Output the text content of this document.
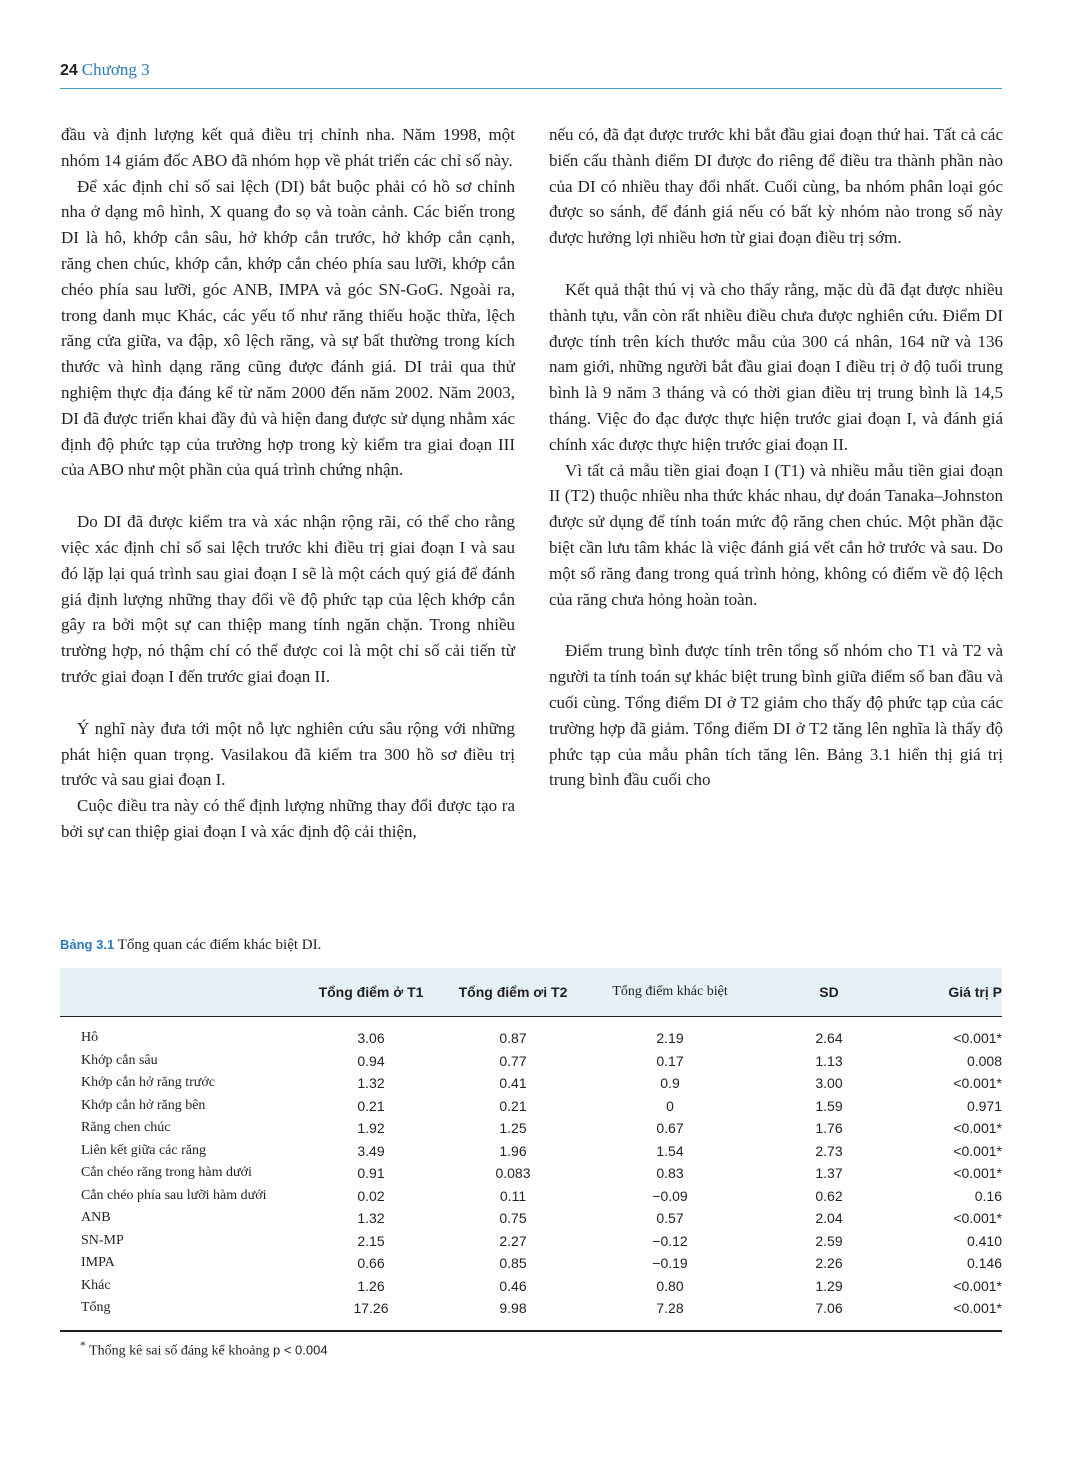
24 Chương 3

đầu và định lượng kết quả điều trị chỉnh nha. Năm 1998, một nhóm 14 giám đốc ABO đã nhóm họp về phát triển các chỉ số này.

Để xác định chỉ số sai lệch (DI) bắt buộc phải có hồ sơ chỉnh nha ở dạng mô hình, X quang đo sọ và toàn cảnh. Các biến trong DI là hô, khớp cắn sâu, hở khớp cắn trước, hở khớp cắn cạnh, răng chen chúc, khớp cắn, khớp cắn chéo phía sau lưỡi, khớp cắn chéo phía sau lưỡi, góc ANB, IMPA và góc SN-GoG. Ngoài ra, trong danh mục Khác, các yếu tố như răng thiếu hoặc thừa, lệch răng cửa giữa, va đập, xô lệch răng, và sự bất thường trong kích thước và hình dạng răng cũng được đánh giá. DI trải qua thử nghiệm thực địa đáng kể từ năm 2000 đến năm 2002. Năm 2003, DI đã được triển khai đầy đủ và hiện đang được sử dụng nhằm xác định độ phức tạp của trường hợp trong kỳ kiểm tra giai đoạn III của ABO như một phần của quá trình chứng nhận.

Do DI đã được kiểm tra và xác nhận rộng rãi, có thể cho rằng việc xác định chỉ số sai lệch trước khi điều trị giai đoạn I và sau đó lặp lại quá trình sau giai đoạn I sẽ là một cách quý giá để đánh giá định lượng những thay đổi về độ phức tạp của lệch khớp cắn gây ra bởi một sự can thiệp mang tính ngăn chặn. Trong nhiều trường hợp, nó thậm chí có thể được coi là một chỉ số cải tiến từ trước giai đoạn I đến trước giai đoạn II.

Ý nghĩ này đưa tới một nỗ lực nghiên cứu sâu rộng với những phát hiện quan trọng. Vasilakou đã kiểm tra 300 hồ sơ điều trị trước và sau giai đoạn I.

Cuộc điều tra này có thể định lượng những thay đổi được tạo ra bởi sự can thiệp giai đoạn I và xác định độ cải thiện,

nếu có, đã đạt được trước khi bắt đầu giai đoạn thứ hai. Tất cả các biến cấu thành điểm DI được đo riêng để điều tra thành phần nào của DI có nhiều thay đổi nhất. Cuối cùng, ba nhóm phân loại góc được so sánh, để đánh giá nếu có bất kỳ nhóm nào trong số này được hưởng lợi nhiều hơn từ giai đoạn điều trị sớm.

Kết quả thật thú vị và cho thấy rằng, mặc dù đã đạt được nhiều thành tựu, vẫn còn rất nhiều điều chưa được nghiên cứu. Điểm DI được tính trên kích thước mẫu của 300 cá nhân, 164 nữ và 136 nam giới, những người bắt đầu giai đoạn I điều trị ở độ tuổi trung bình là 9 năm 3 tháng và có thời gian điều trị trung bình là 14,5 tháng. Việc đo đạc được thực hiện trước giai đoạn I, và đánh giá chính xác được thực hiện trước giai đoạn II.

Vì tất cả mẫu tiền giai đoạn I (T1) và nhiều mẫu tiền giai đoạn II (T2) thuộc nhiều nha thức khác nhau, dự đoán Tanaka–Johnston được sử dụng để tính toán mức độ răng chen chúc. Một phần đặc biệt cần lưu tâm khác là việc đánh giá vết cắn hở trước và sau. Do một số răng đang trong quá trình hỏng, không có điểm về độ lệch của răng chưa hỏng hoàn toàn.

Điểm trung bình được tính trên tổng số nhóm cho T1 và T2 và người ta tính toán sự khác biệt trung bình giữa điểm số ban đầu và cuối cùng. Tổng điểm DI ở T2 giảm cho thấy độ phức tạp của các trường hợp đã giảm. Tổng điểm DI ở T2 tăng lên nghĩa là thấy độ phức tạp của mẫu phân tích tăng lên. Bảng 3.1 hiển thị giá trị trung bình đầu cuối cho

Bảng 3.1 Tổng quan các điểm khác biệt DI.
	Tổng điểm ở T1	Tổng điểm ơi T2	Tổng điểm khác biệt	SD	Giá trị P
Hô	3.06	0.87	2.19	2.64	<0.001*
Khớp cắn sâu	0.94	0.77	0.17	1.13	0.008
Khớp cắn hở răng trước	1.32	0.41	0.9	3.00	<0.001*
Khớp cắn hở răng bên	0.21	0.21	0	1.59	0.971
Răng chen chúc	1.92	1.25	0.67	1.76	<0.001*
Liên kết giữa các răng	3.49	1.96	1.54	2.73	<0.001*
Cắn chéo răng trong hàm dưới	0.91	0.083	0.83	1.37	<0.001*
Cắn chéo phía sau lưỡi hàm dưới	0.02	0.11	−0.09	0.62	0.16
ANB	1.32	0.75	0.57	2.04	<0.001*
SN-MP	2.15	2.27	−0.12	2.59	0.410
IMPA	0.66	0.85	−0.19	2.26	0.146
Khác	1.26	0.46	0.80	1.29	<0.001*
Tổng	17.26	9.98	7.28	7.06	<0.001*
* Thống kê sai số đáng kể khoảng p < 0.004
